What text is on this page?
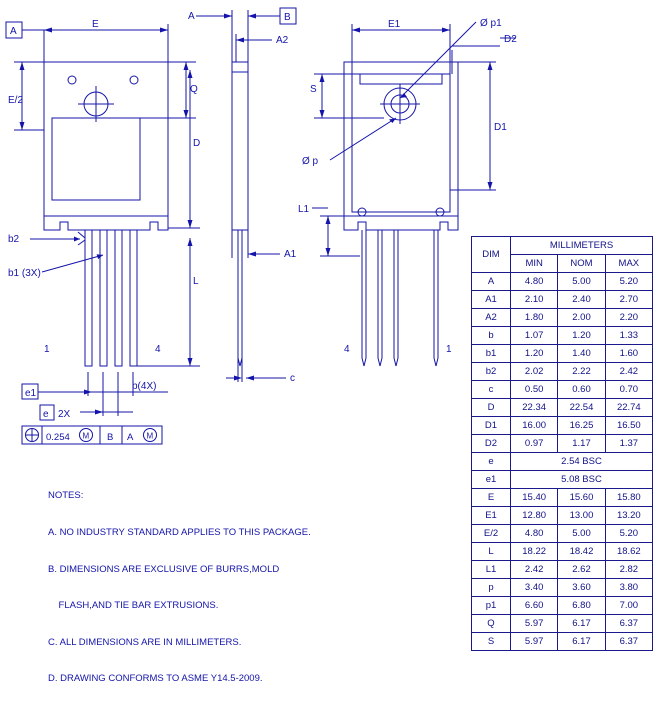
b2
b1 (3X)
1	4
A
E
E/2
Q
D
L
b(4X)
e1
e 2X
0.254 M B A M
A	B
A2
A1
c
4	1
E1	Ø p1
D2
Ø p
S
D1
L1

NOTES:

A. NO INDUSTRY STANDARD APPLIES TO THIS PACKAGE.

B. DIMENSIONS ARE EXCLUSIVE OF BURRS,MOLD

FLASH,AND TIE BAR EXTRUSIONS.

C. ALL DIMENSIONS ARE IN MILLIMETERS.

D. DRAWING CONFORMS TO ASME Y14.5-2009.

DIM	MILLIMETERS		
	MIN	NOM	MAX
A	4.80	5.00	5.20
A1	2.10	2.40	2.70
A2	1.80	2.00	2.20
b	1.07	1.20	1.33
b1	1.20	1.40	1.60
b2	2.02	2.22	2.42
c	0.50	0.60	0.70
D	22.34	22.54	22.74
D1	16.00	16.25	16.50
D2	0.97	1.17	1.37
e	2.54 BSC		
e1	5.08 BSC		
E	15.40	15.60	15.80
E1	12.80	13.00	13.20
E/2	4.80	5.00	5.20
L	18.22	18.42	18.62
L1	2.42	2.62	2.82
p	3.40	3.60	3.80
p1	6.60	6.80	7.00
Q	5.97	6.17	6.37
S	5.97	6.17	6.37
